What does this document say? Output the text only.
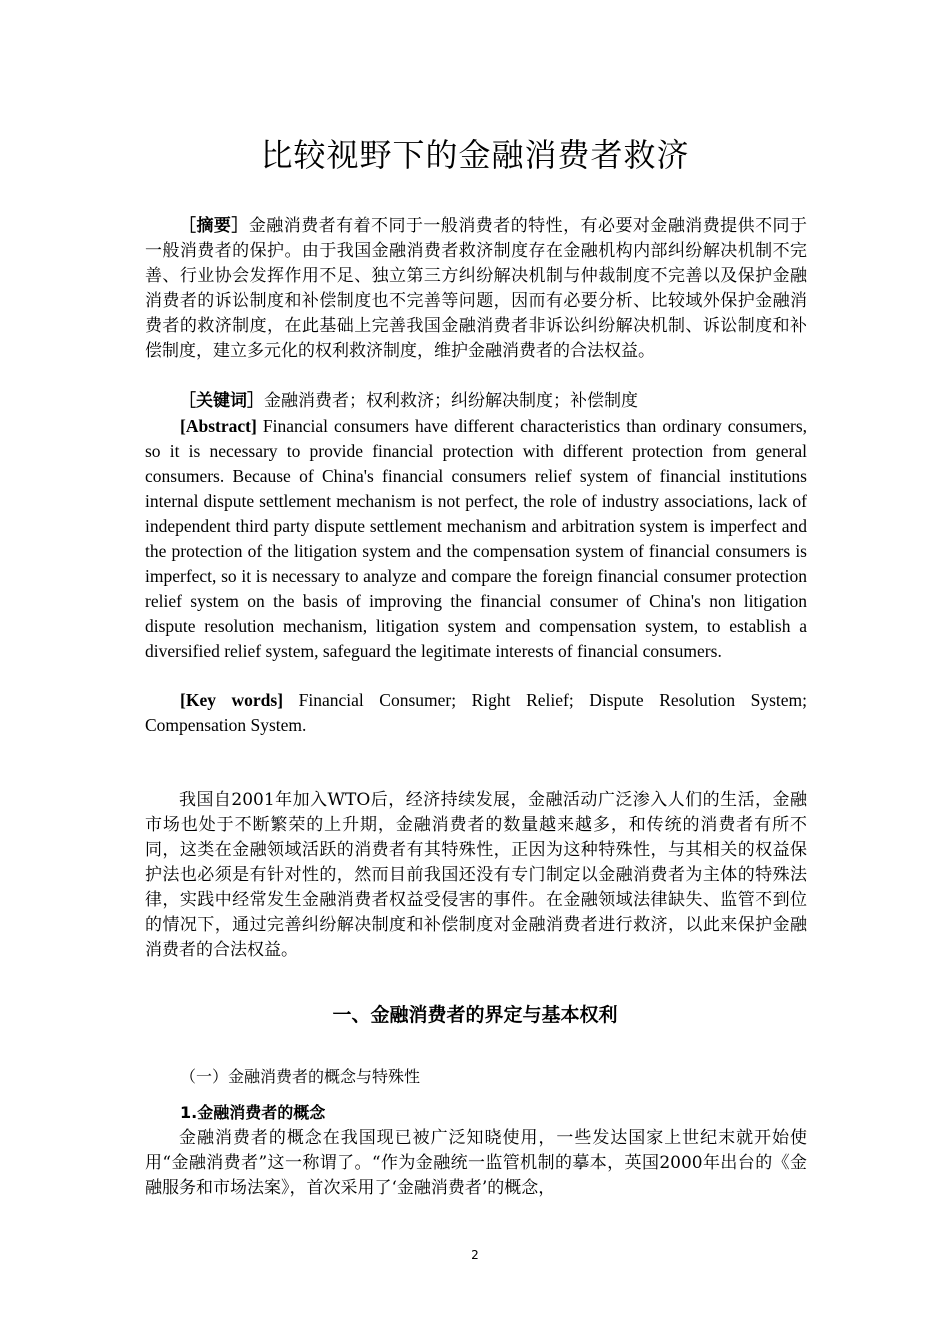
比较视野下的金融消费者救济

［摘要］金融消费者有着不同于一般消费者的特性，有必要对金融消费提供不同于一般消费者的保护。由于我国金融消费者救济制度存在金融机构内部纠纷解决机制不完善、行业协会发挥作用不足、独立第三方纠纷解决机制与仲裁制度不完善以及保护金融消费者的诉讼制度和补偿制度也不完善等问题，因而有必要分析、比较域外保护金融消费者的救济制度，在此基础上完善我国金融消费者非诉讼纠纷解决机制、诉讼制度和补偿制度，建立多元化的权利救济制度，维护金融消费者的合法权益。

［关键词］金融消费者；权利救济；纠纷解决制度；补偿制度

[Abstract] Financial consumers have different characteristics than ordinary consumers, so it is necessary to provide financial protection with different protection from general consumers. Because of China's financial consumers relief system of financial institutions internal dispute settlement mechanism is not perfect, the role of industry associations, lack of independent third party dispute settlement mechanism and arbitration system is imperfect and the protection of the litigation system and the compensation system of financial consumers is imperfect, so it is necessary to analyze and compare the foreign financial consumer protection relief system on the basis of improving the financial consumer of China's non litigation dispute resolution mechanism, litigation system and compensation system, to establish a diversified relief system, safeguard the legitimate interests of financial consumers.

[Key words] Financial Consumer; Right Relief; Dispute Resolution System; Compensation System.

我国自2001年加入WTO后，经济持续发展，金融活动广泛渗入人们的生活，金融市场也处于不断繁荣的上升期，金融消费者的数量越来越多，和传统的消费者有所不同，这类在金融领域活跃的消费者有其特殊性，正因为这种特殊性，与其相关的权益保护法也必须是有针对性的，然而目前我国还没有专门制定以金融消费者为主体的特殊法律，实践中经常发生金融消费者权益受侵害的事件。在金融领域法律缺失、监管不到位的情况下，通过完善纠纷解决制度和补偿制度对金融消费者进行救济，以此来保护金融消费者的合法权益。

一、金融消费者的界定与基本权利
（一）金融消费者的概念与特殊性
1.金融消费者的概念

金融消费者的概念在我国现已被广泛知晓使用，一些发达国家上世纪末就开始使用“金融消费者”这一称谓了。“作为金融统一监管机制的摹本，英国2000年出台的《金融服务和市场法案》，首次采用了‘金融消费者’的概念，

2
